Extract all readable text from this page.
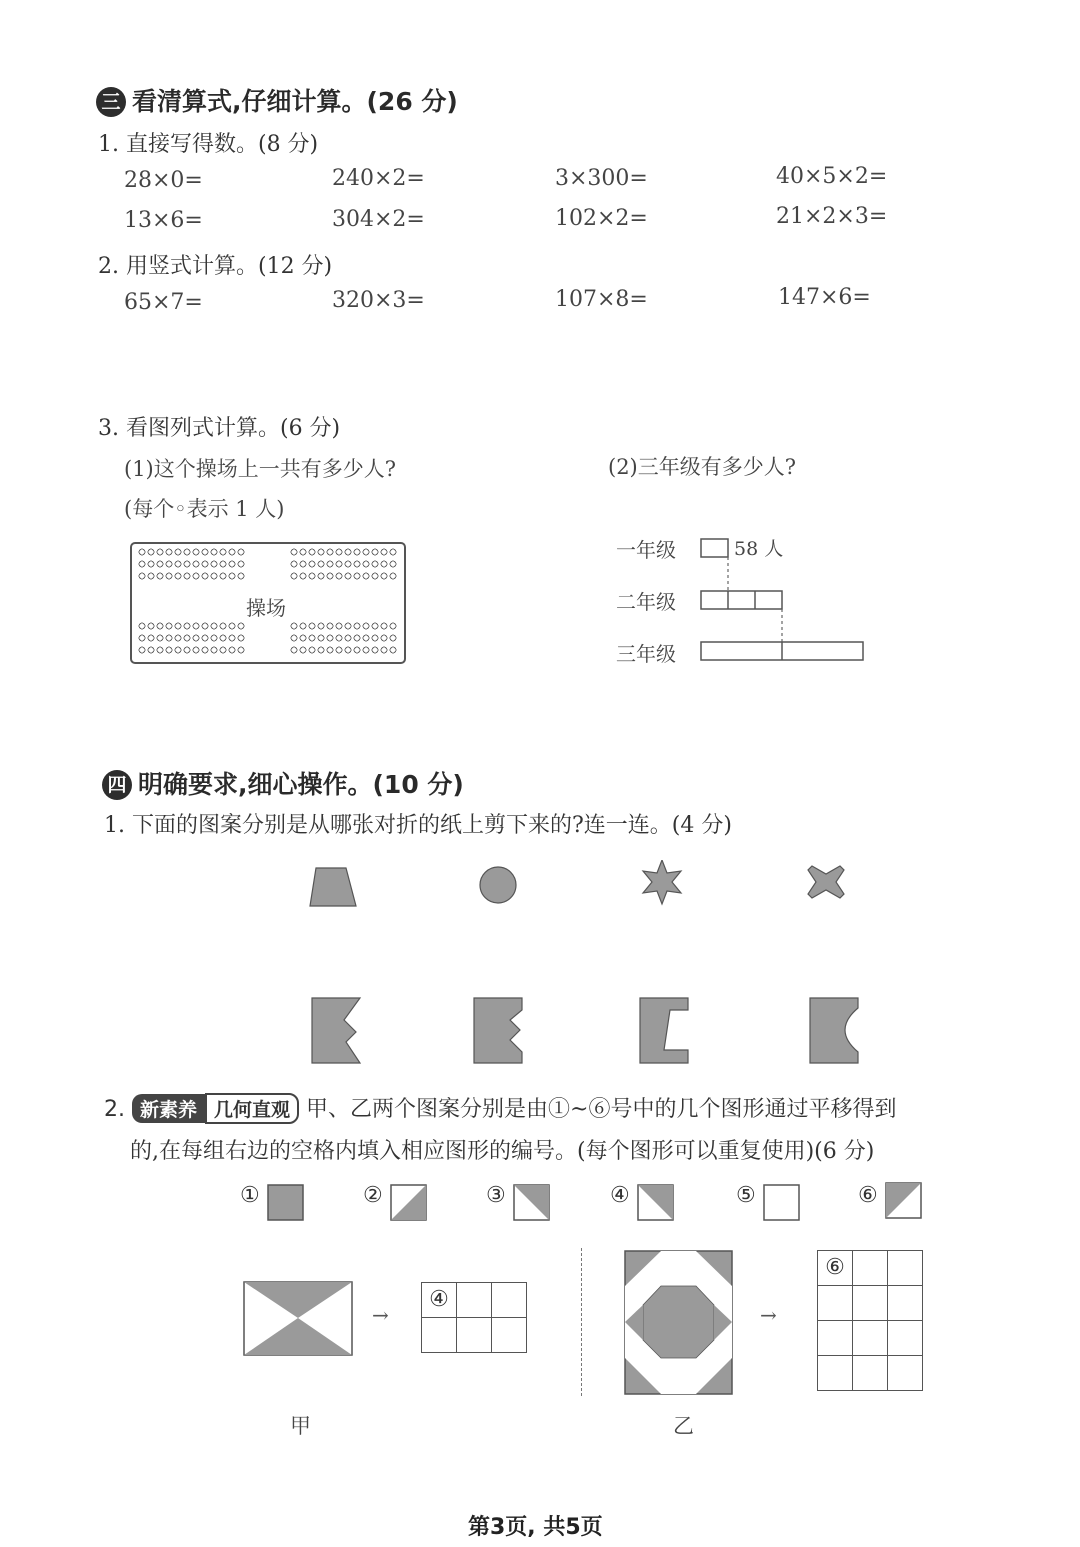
三 看清算式,仔细计算。(26 分)
1. 直接写得数。(8 分)
28×0=	240×2=	3×300=	40×5×2=
13×6=	304×2=	102×2=	21×2×3=
2. 用竖式计算。(12 分)
65×7=	320×3=	107×8=	147×6=
3. 看图列式计算。(6 分)
(1)这个操场上一共有多少人?
(每个◦表示 1 人)
(2)三年级有多少人?
操场
一年级
二年级
三年级
58 人
四 明确要求,细心操作。(10 分)
1. 下面的图案分别是从哪张对折的纸上剪下来的?连一连。(4 分)
2. 新素养 几何直观 甲、乙两个图案分别是由①~⑥号中的几个图形通过平移得到
的,在每组右边的空格内填入相应图形的编号。(每个图形可以重复使用)(6 分)
①	②	③	④	⑤	⑥
→
④		

甲
→
⑥		

乙
第3页, 共5页
